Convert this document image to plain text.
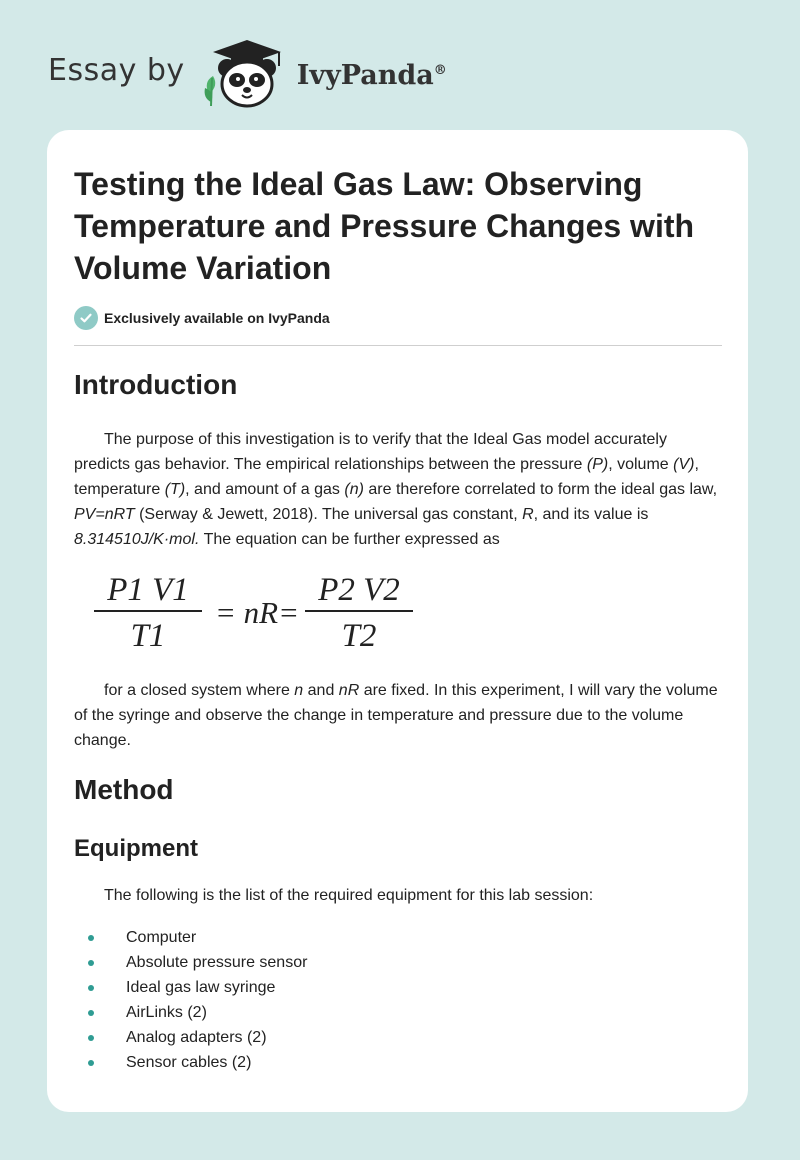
Essay by	IvyPanda®
Testing the Ideal Gas Law: Observing Temperature and Pressure Changes with Volume Variation
Exclusively available on IvyPanda
Introduction

The purpose of this investigation is to verify that the Ideal Gas model accurately predicts gas behavior. The empirical relationships between the pressure (P), volume (V), temperature (T), and amount of a gas (n) are therefore correlated to form the ideal gas law, PV=nRT (Serway & Jewett, 2018). The universal gas constant, R, and its value is 8.314510J/K·mol. The equation can be further expressed as

P1 V1
T1
= nR=
P2 V2
T2

for a closed system where n and nR are fixed. In this experiment, I will vary the volume of the syringe and observe the change in temperature and pressure due to the volume change.

Method
Equipment

The following is the list of the required equipment for this lab session:

Computer
Absolute pressure sensor
Ideal gas law syringe
AirLinks (2)
Analog adapters (2)
Sensor cables (2)
